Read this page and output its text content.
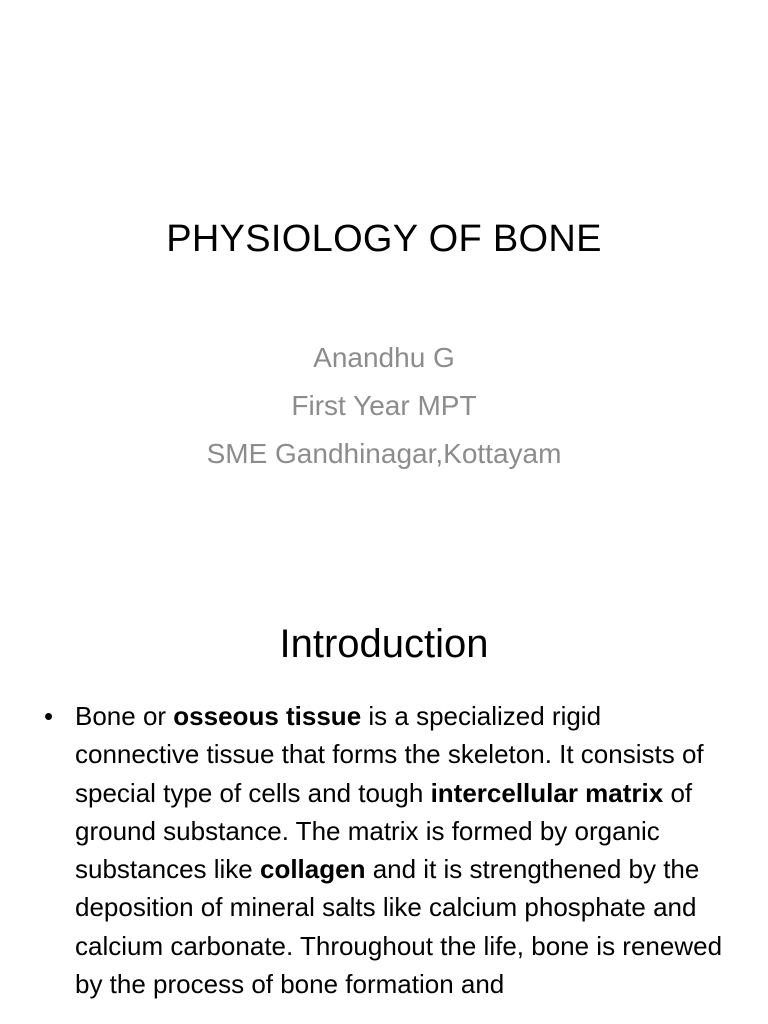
PHYSIOLOGY OF BONE
Anandhu G
First Year MPT
SME Gandhinagar,Kottayam
Introduction
• Bone or osseous tissue is a specialized rigid connective tissue that forms the skeleton. It consists of special type of cells and tough intercellular matrix of ground substance. The matrix is formed by organic substances like collagen and it is strengthened by the deposition of mineral salts like calcium phosphate and calcium carbonate. Throughout the life, bone is renewed by the process of bone formation and
